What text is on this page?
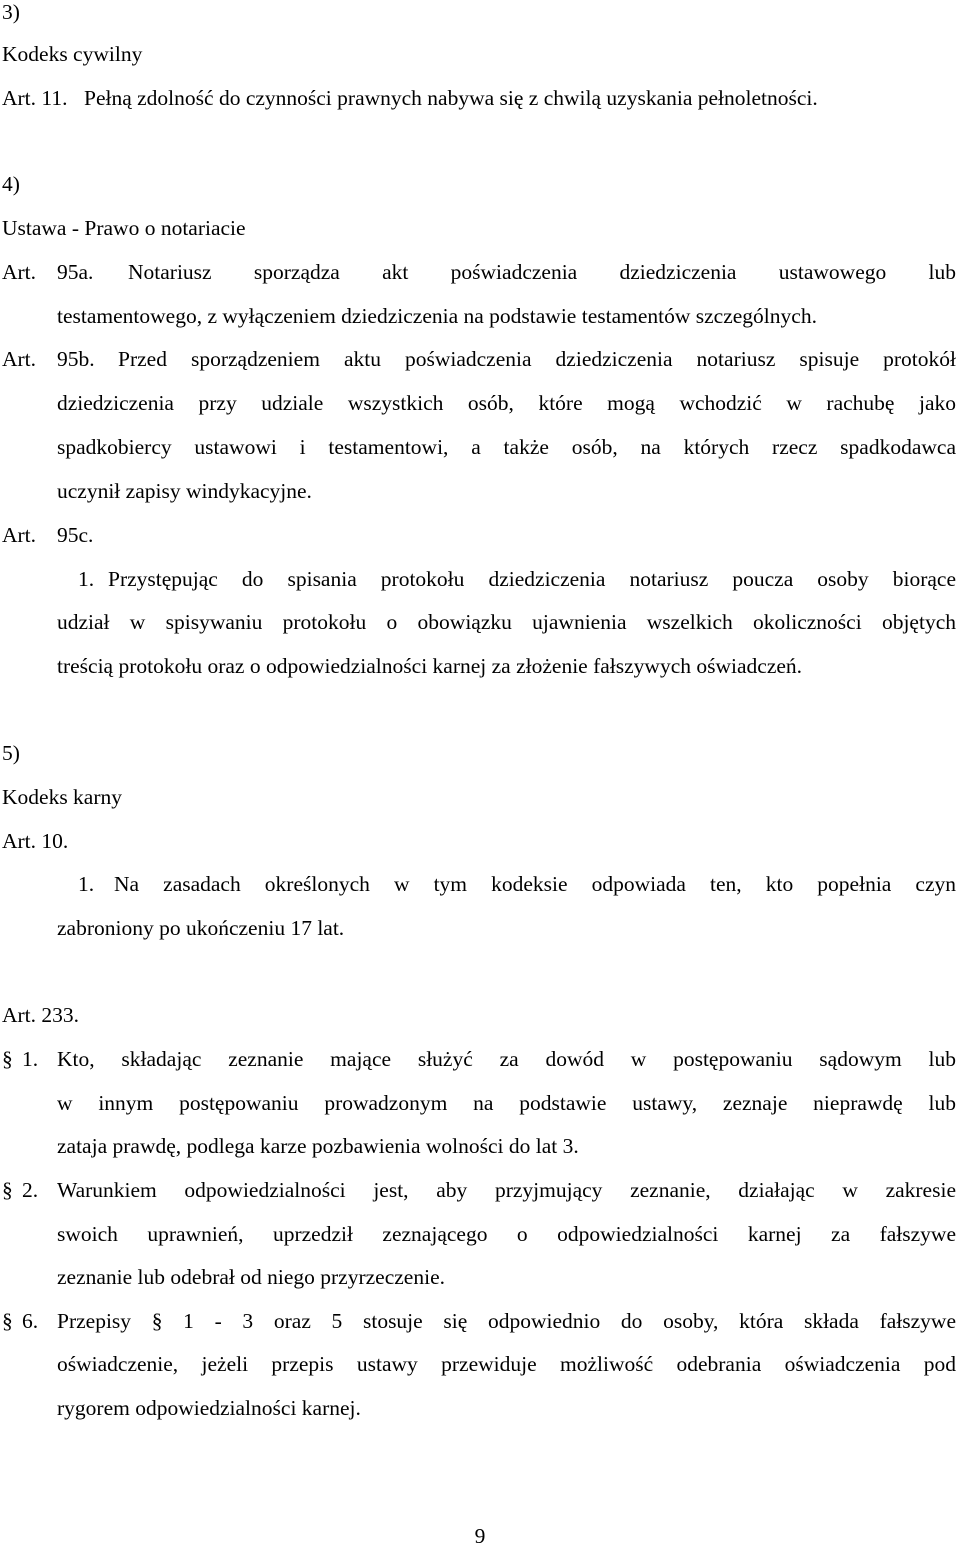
3)
Kodeks cywilny
Art. 11. Pełną zdolność do czynności prawnych nabywa się z chwilą uzyskania pełnoletności.
4)
Ustawa - Prawo o notariacie
Art. 95a. Notariusz sporządza akt poświadczenia dziedziczenia ustawowego lub
testamentowego, z wyłączeniem dziedziczenia na podstawie testamentów szczególnych.
Art. 95b. Przed sporządzeniem aktu poświadczenia dziedziczenia notariusz spisuje protokół
dziedziczenia przy udziale wszystkich osób, które mogą wchodzić w rachubę jako
spadkobiercy ustawowi i testamentowi, a także osób, na których rzecz spadkodawca
uczynił zapisy windykacyjne.
Art. 95c.
1. Przystępując do spisania protokołu dziedziczenia notariusz poucza osoby biorące
udział w spisywaniu protokołu o obowiązku ujawnienia wszelkich okoliczności objętych
treścią protokołu oraz o odpowiedzialności karnej za złożenie fałszywych oświadczeń.
5)
Kodeks karny
Art. 10.
1. Na zasadach określonych w tym kodeksie odpowiada ten, kto popełnia czyn
zabroniony po ukończeniu 17 lat.
Art. 233.
§ 1. Kto, składając zeznanie mające służyć za dowód w postępowaniu sądowym lub
w innym postępowaniu prowadzonym na podstawie ustawy, zeznaje nieprawdę lub
zataja prawdę, podlega karze pozbawienia wolności do lat 3.
§ 2. Warunkiem odpowiedzialności jest, aby przyjmujący zeznanie, działając w zakresie
swoich uprawnień, uprzedził zeznającego o odpowiedzialności karnej za fałszywe
zeznanie lub odebrał od niego przyrzeczenie.
§ 6. Przepisy § 1 - 3 oraz 5 stosuje się odpowiednio do osoby, która składa fałszywe
oświadczenie, jeżeli przepis ustawy przewiduje możliwość odebrania oświadczenia pod
rygorem odpowiedzialności karnej.
9
